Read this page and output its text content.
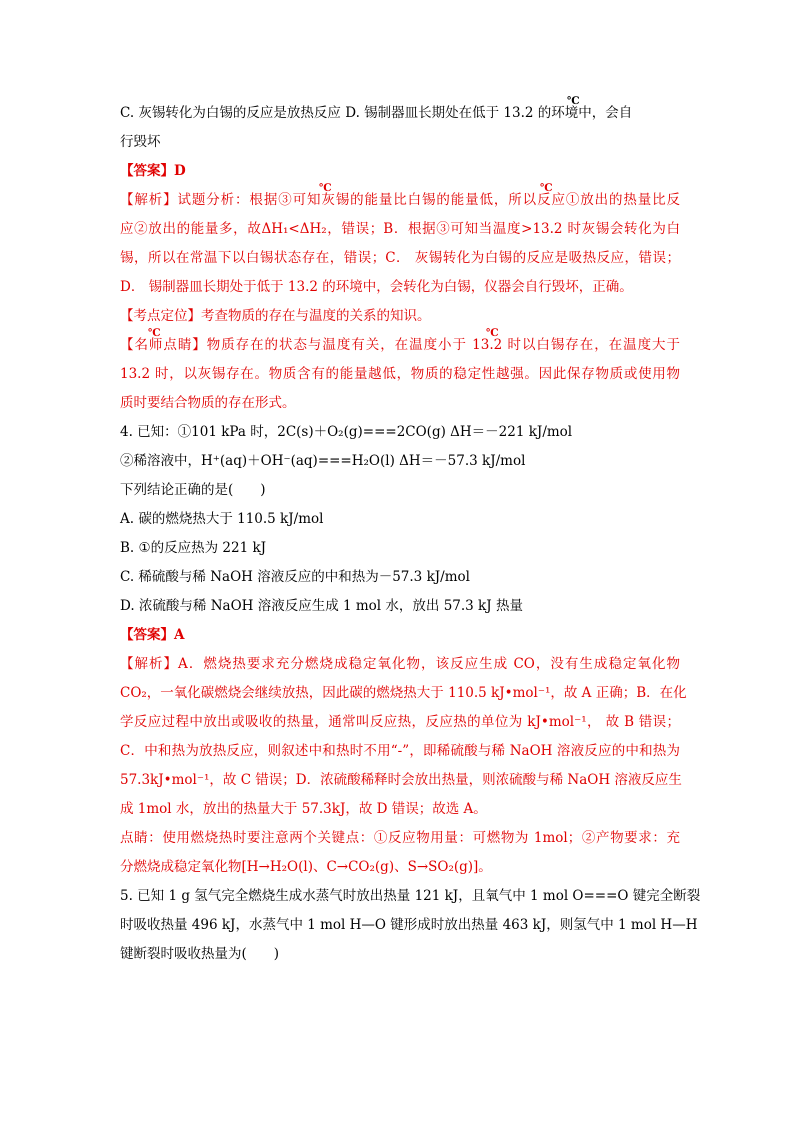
C. 灰锡转化为白锡的反应是放热反应 D. 锡制器皿长期处在低于 13.2 的环境中，会自
℃
行毁坏
【答案】D
【解析】试题分析：根据③可知灰锡的能量比白锡的能量低，所以反应①放出的热量比反
℃	℃
应②放出的能量多，故ΔH₁<ΔH₂，错误；B．根据③可知当温度>13.2 时灰锡会转化为白
锡，所以在常温下以白锡状态存在，错误；C． 灰锡转化为白锡的反应是吸热反应，错误；
D． 锡制器皿长期处于低于 13.2 的环境中，会转化为白锡，仪器会自行毁坏，正确。
【考点定位】考查物质的存在与温度的关系的知识。
【名师点睛】物质存在的状态与温度有关，在温度小于 13.2 时以白锡存在，在温度大于
℃	℃
13.2 时，以灰锡存在。物质含有的能量越低，物质的稳定性越强。因此保存物质或使用物
质时要结合物质的存在形式。
4. 已知：①101 kPa 时，2C(s)＋O₂(g)===2CO(g) ΔH＝－221 kJ/mol
②稀溶液中，H⁺(aq)＋OH⁻(aq)===H₂O(l) ΔH＝－57.3 kJ/mol
下列结论正确的是(　　)
A. 碳的燃烧热大于 110.5 kJ/mol
B. ①的反应热为 221 kJ
C. 稀硫酸与稀 NaOH 溶液反应的中和热为－57.3 kJ/mol
D. 浓硫酸与稀 NaOH 溶液反应生成 1 mol 水，放出 57.3 kJ 热量
【答案】A
【解析】A．燃烧热要求充分燃烧成稳定氧化物，该反应生成 CO，没有生成稳定氧化物
CO₂，一氧化碳燃烧会继续放热，因此碳的燃烧热大于 110.5 kJ•mol⁻¹，故 A 正确；B．在化
学反应过程中放出或吸收的热量，通常叫反应热，反应热的单位为 kJ•mol⁻¹， 故 B 错误；
C．中和热为放热反应，则叙述中和热时不用“-”，即稀硫酸与稀 NaOH 溶液反应的中和热为
57.3kJ•mol⁻¹，故 C 错误；D．浓硫酸稀释时会放出热量，则浓硫酸与稀 NaOH 溶液反应生
成 1mol 水，放出的热量大于 57.3kJ，故 D 错误；故选 A。
点睛：使用燃烧热时要注意两个关键点：①反应物用量：可燃物为 1mol；②产物要求：充
分燃烧成稳定氧化物[H→H₂O(l)、C→CO₂(g)、S→SO₂(g)]。
5. 已知 1 g 氢气完全燃烧生成水蒸气时放出热量 121 kJ，且氧气中 1 mol O===O 键完全断裂
时吸收热量 496 kJ，水蒸气中 1 mol H—O 键形成时放出热量 463 kJ，则氢气中 1 mol H—H
键断裂时吸收热量为(　　)
